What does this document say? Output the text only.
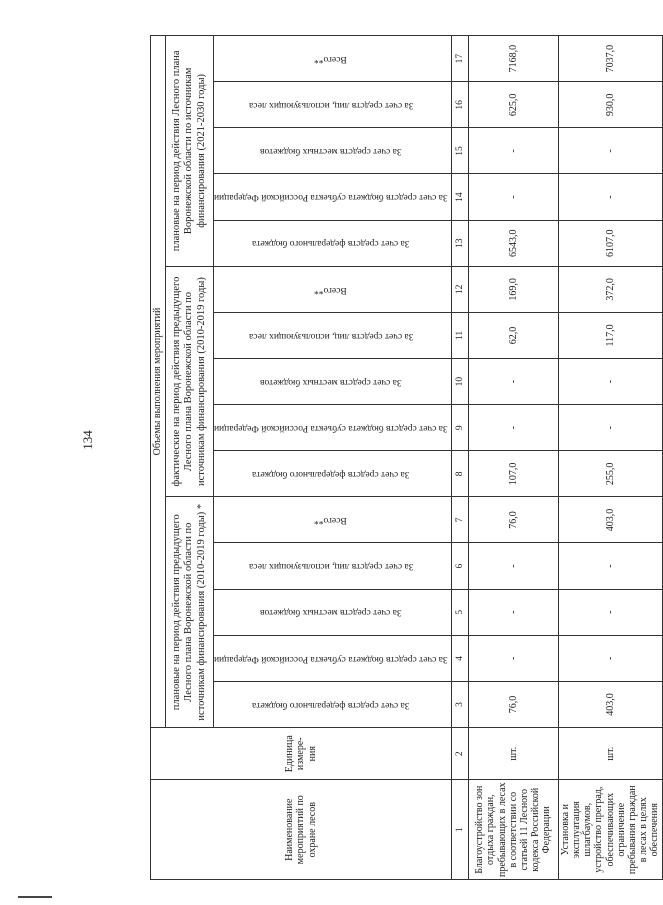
134
Наименование мероприятий по охране лесов	Единица измере- ния	Объемы выполнения мероприятий														
		плановые на период действия предыдущего Лесного плана Воронежской области по источникам финансирования (2010-2019 годы) *					фактические на период действия предыдущего Лесного плана Воронежской области по источникам финансирования (2010-2019 годы)					плановые на период действия Лесного плана Воронежской области по источникам финансирования (2021-2030 годы)				
		За счет средств федерального бюджета	За счет средств бюджета субъекта Российской Федерации	За счет средств местных бюджетов	За счет средств лиц, использующих леса	Всего**	За счет средств федерального бюджета	За счет средств бюджета субъекта Российской Федерации	За счет средств местных бюджетов	За счет средств лиц, использующих леса	Всего**	За счет средств федерального бюджета	За счет средств бюджета субъекта Российской Федерации	За счет средств местных бюджетов	За счет средств лиц, использующих леса	Всего**
1	2	3	4	5	6	7	8	9	10	11	12	13	14	15	16	17
Благоустройство зон отдыха граждан, пребывающих в лесах в соответствии со статьей 11 Лесного кодекса Российской Федерации	шт.	76,0	-	-	-	76,0	107,0	-	-	62,0	169,0	6543,0	-	-	625,0	7168,0
Установка и эксплуатация шлагбаумов, устройство преград, обеспечивающих ограничение пребывания граждан в лесах в целях обеспечения	шт.	403,0	-	-	-	403,0	255,0	-	-	117,0	372,0	6107,0	-	-	930,0	7037,0
